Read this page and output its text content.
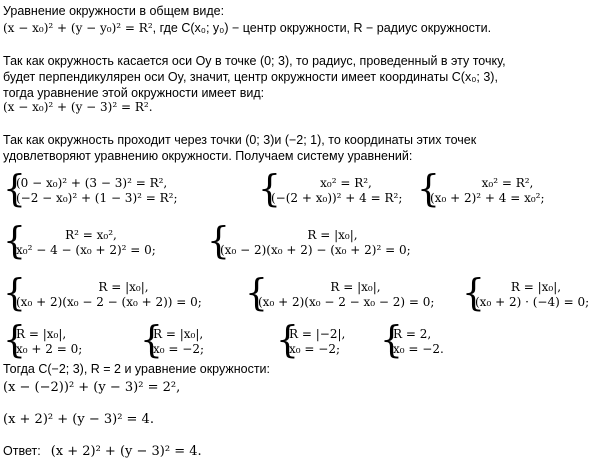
Уравнение окружности в общем виде:
(x − x₀)² + (y − y₀)² = R², где C(x₀; y₀) − центр окружности, R − радиус окружности.
Так как окружность касается оси Oy в точке (0; 3), то радиус, проведенный в эту точку,
будет перпендикулярен оси Oy, значит, центр окружности имеет координаты C(x₀; 3),
тогда уравнение этой окружности имеет вид:
(x − x₀)² + (y − 3)² = R².
Так как окружность проходит через точки (0; 3)и (−2; 1), то координаты этих точек
удовлетворяют уравнению окружности. Получаем систему уравнений:
{
(0 − x₀)² + (3 − 3)² = R²,
(−2 − x₀)² + (1 − 3)² = R²; {	x₀² = R²,
(−(2 + x₀))² + 4 = R²; {	x₀² = R²,
(x₀ + 2)² + 4 = x₀²;
{	R² = x₀²,
x₀² − 4 − (x₀ + 2)² = 0; {	R = |x₀|,
(x₀ − 2)(x₀ + 2) − (x₀ + 2)² = 0;
{	R = |x₀|,
(x₀ + 2)(x₀ − 2 − (x₀ + 2)) = 0;	{	R = |x₀|,
(x₀ + 2)(x₀ − 2 − x₀ − 2) = 0; {	R = |x₀|,
(x₀ + 2) · (−4) = 0;
{
R = |x₀|,
x₀ + 2 = 0; {
R = |x₀|,
x₀ = −2; {
R = |−2|,
x₀ = −2; {
R = 2,
x₀ = −2.
Тогда C(−2; 3), R = 2 и уравнение окружности:
(x − (−2))² + (y − 3)² = 2²,
(x + 2)² + (y − 3)² = 4.
Ответ: (x + 2)² + (y − 3)² = 4.
